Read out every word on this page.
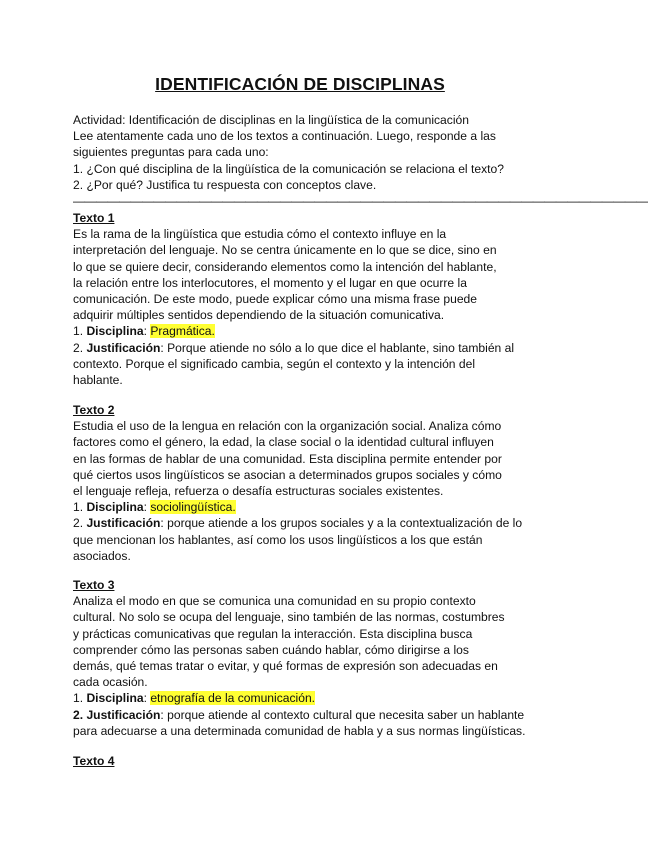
IDENTIFICACIÓN DE DISCIPLINAS
Actividad: Identificación de disciplinas en la lingüística de la comunicación
Lee atentamente cada uno de los textos a continuación. Luego, responde a las
siguientes preguntas para cada uno:
1. ¿Con qué disciplina de la lingüística de la comunicación se relaciona el texto?
2. ¿Por qué? Justifica tu respuesta con conceptos clave.
——————————————————————————————————————————————————
Texto 1
Es la rama de la lingüística que estudia cómo el contexto influye en la
interpretación del lenguaje. No se centra únicamente en lo que se dice, sino en
lo que se quiere decir, considerando elementos como la intención del hablante,
la relación entre los interlocutores, el momento y el lugar en que ocurre la
comunicación. De este modo, puede explicar cómo una misma frase puede
adquirir múltiples sentidos dependiendo de la situación comunicativa.
1. Disciplina: Pragmática.
2. Justificación: Porque atiende no sólo a lo que dice el hablante, sino también al
contexto. Porque el significado cambia, según el contexto y la intención del
hablante.
Texto 2
Estudia el uso de la lengua en relación con la organización social. Analiza cómo
factores como el género, la edad, la clase social o la identidad cultural influyen
en las formas de hablar de una comunidad. Esta disciplina permite entender por
qué ciertos usos lingüísticos se asocian a determinados grupos sociales y cómo
el lenguaje refleja, refuerza o desafía estructuras sociales existentes.
1. Disciplina: sociolingüística.
2. Justificación: porque atiende a los grupos sociales y a la contextualización de lo
que mencionan los hablantes, así como los usos lingüísticos a los que están
asociados.
Texto 3
Analiza el modo en que se comunica una comunidad en su propio contexto
cultural. No solo se ocupa del lenguaje, sino también de las normas, costumbres
y prácticas comunicativas que regulan la interacción. Esta disciplina busca
comprender cómo las personas saben cuándo hablar, cómo dirigirse a los
demás, qué temas tratar o evitar, y qué formas de expresión son adecuadas en
cada ocasión.
1. Disciplina: etnografía de la comunicación.
2. Justificación: porque atiende al contexto cultural que necesita saber un hablante
para adecuarse a una determinada comunidad de habla y a sus normas lingüísticas.
Texto 4
